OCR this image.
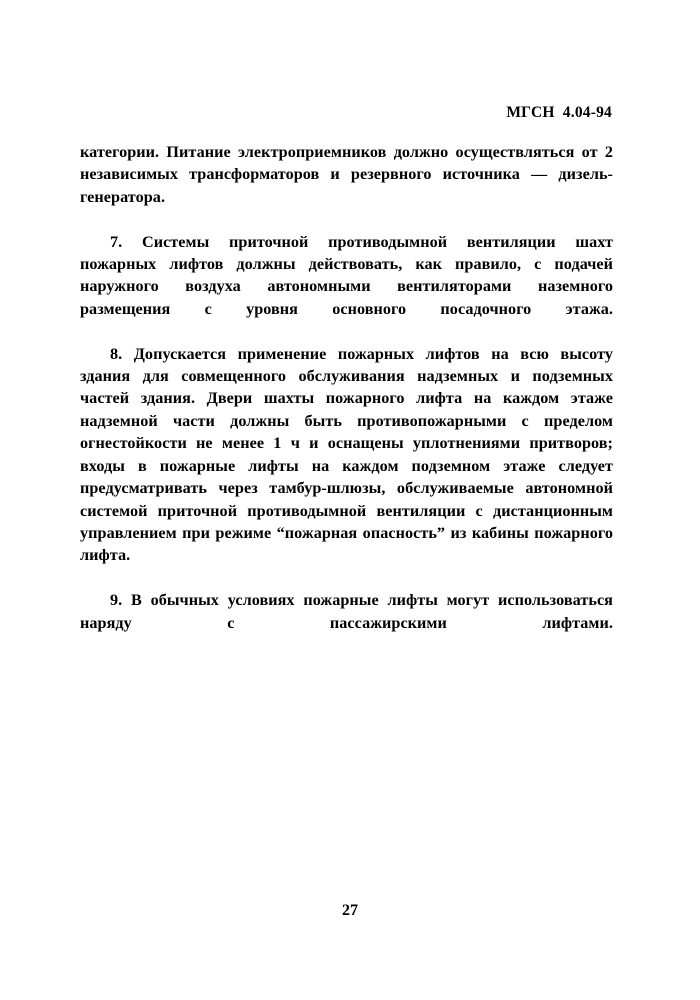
МГСН  4.04-94

категории. Питание электроприемников должно осуществляться от 2 независимых трансформаторов и резервного источника — дизель-генератора.

7. Системы приточной противодымной вентиляции шахт пожарных лифтов должны действовать, как правило, с подачей наружного воздуха автономными вентиляторами наземного размещения с уровня основного посадочного этажа.

8. Допускается применение пожарных лифтов на всю высоту здания для совмещенного обслуживания надземных и подземных частей здания. Двери шахты пожарного лифта на каждом этаже надземной части должны быть противопожарными с пределом огнестойкости не менее 1 ч и оснащены уплотнениями притворов; входы в пожарные лифты на каждом подземном этаже следует предусматривать через тамбур-шлюзы, обслуживаемые автономной системой приточной противодымной вентиляции с дистанционным управлением при режиме “пожарная опасность” из кабины пожарного лифта.

9. В обычных условиях пожарные лифты могут использоваться наряду с пассажирскими лифтами.

27
